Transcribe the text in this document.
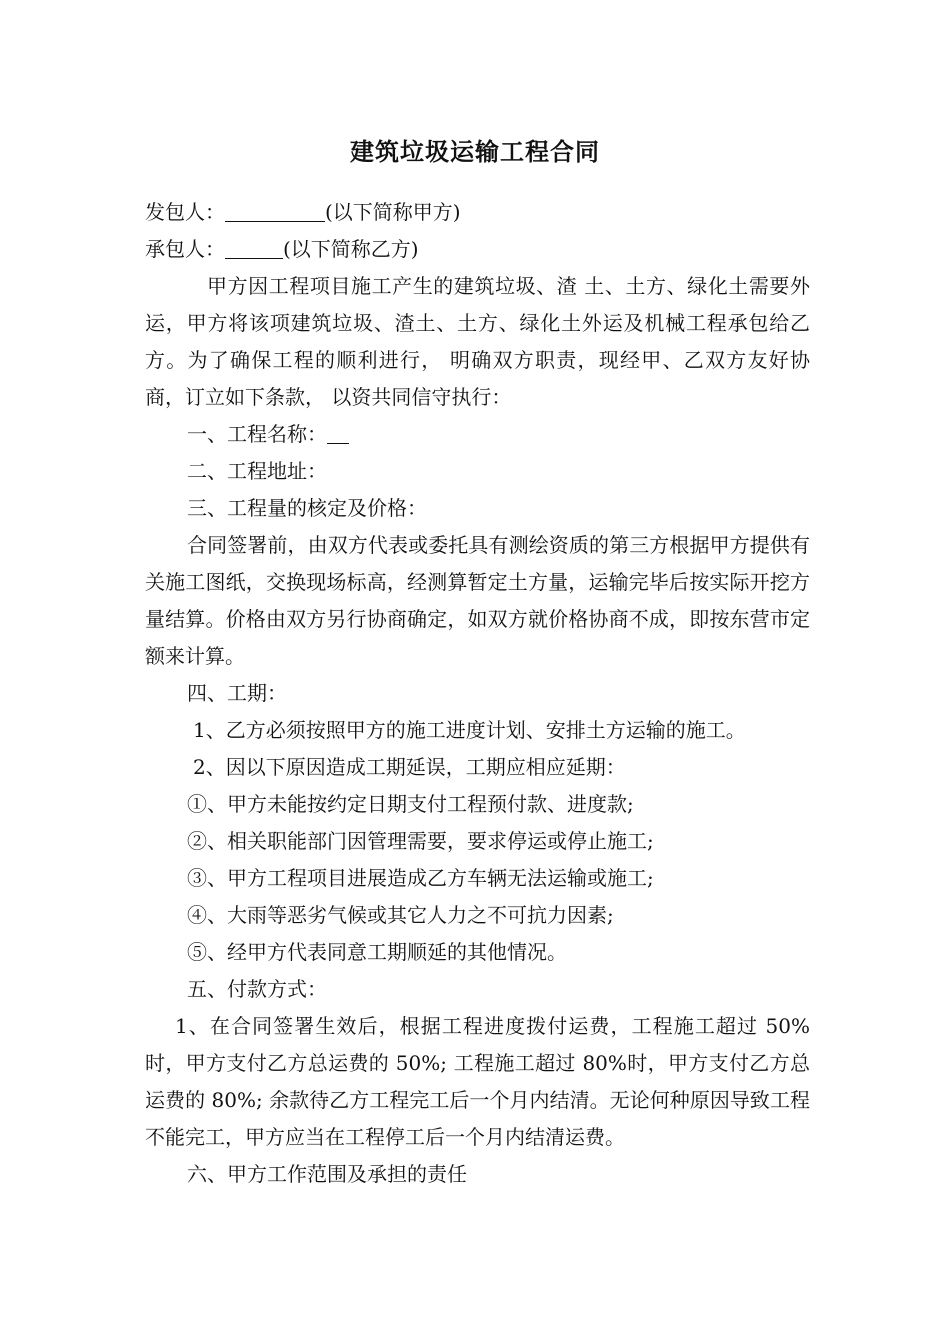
建筑垃圾运输工程合同
发包人：	(以下简称甲方)
承包人：	(以下简称乙方)
甲方因工程项目施工产生的建筑垃圾、渣 土、土方、绿化土需要外运，甲方将该项建筑垃圾、渣土、土方、绿化土外运及机械工程承包给乙方。为了确保工程的顺利进行， 明确双方职责，现经甲、乙双方友好协商，订立如下条款， 以资共同信守执行：
一、工程名称：
二、工程地址：
三、工程量的核定及价格：
合同签署前，由双方代表或委托具有测绘资质的第三方根据甲方提供有关施工图纸，交换现场标高，经测算暂定土方量，运输完毕后按实际开挖方量结算。价格由双方另行协商确定，如双方就价格协商不成，即按东营市定额来计算。
四、工期：
1、乙方必须按照甲方的施工进度计划、安排土方运输的施工。
2、因以下原因造成工期延误，工期应相应延期：
①、甲方未能按约定日期支付工程预付款、进度款;
②、相关职能部门因管理需要，要求停运或停止施工;
③、甲方工程项目进展造成乙方车辆无法运输或施工;
④、大雨等恶劣气候或其它人力之不可抗力因素;
⑤、经甲方代表同意工期顺延的其他情况。
五、付款方式：
1、在合同签署生效后，根据工程进度拨付运费，工程施工超过 50%时，甲方支付乙方总运费的 50%; 工程施工超过 80%时，甲方支付乙方总运费的 80%; 余款待乙方工程完工后一个月内结清。无论何种原因导致工程不能完工，甲方应当在工程停工后一个月内结清运费。
六、甲方工作范围及承担的责任
